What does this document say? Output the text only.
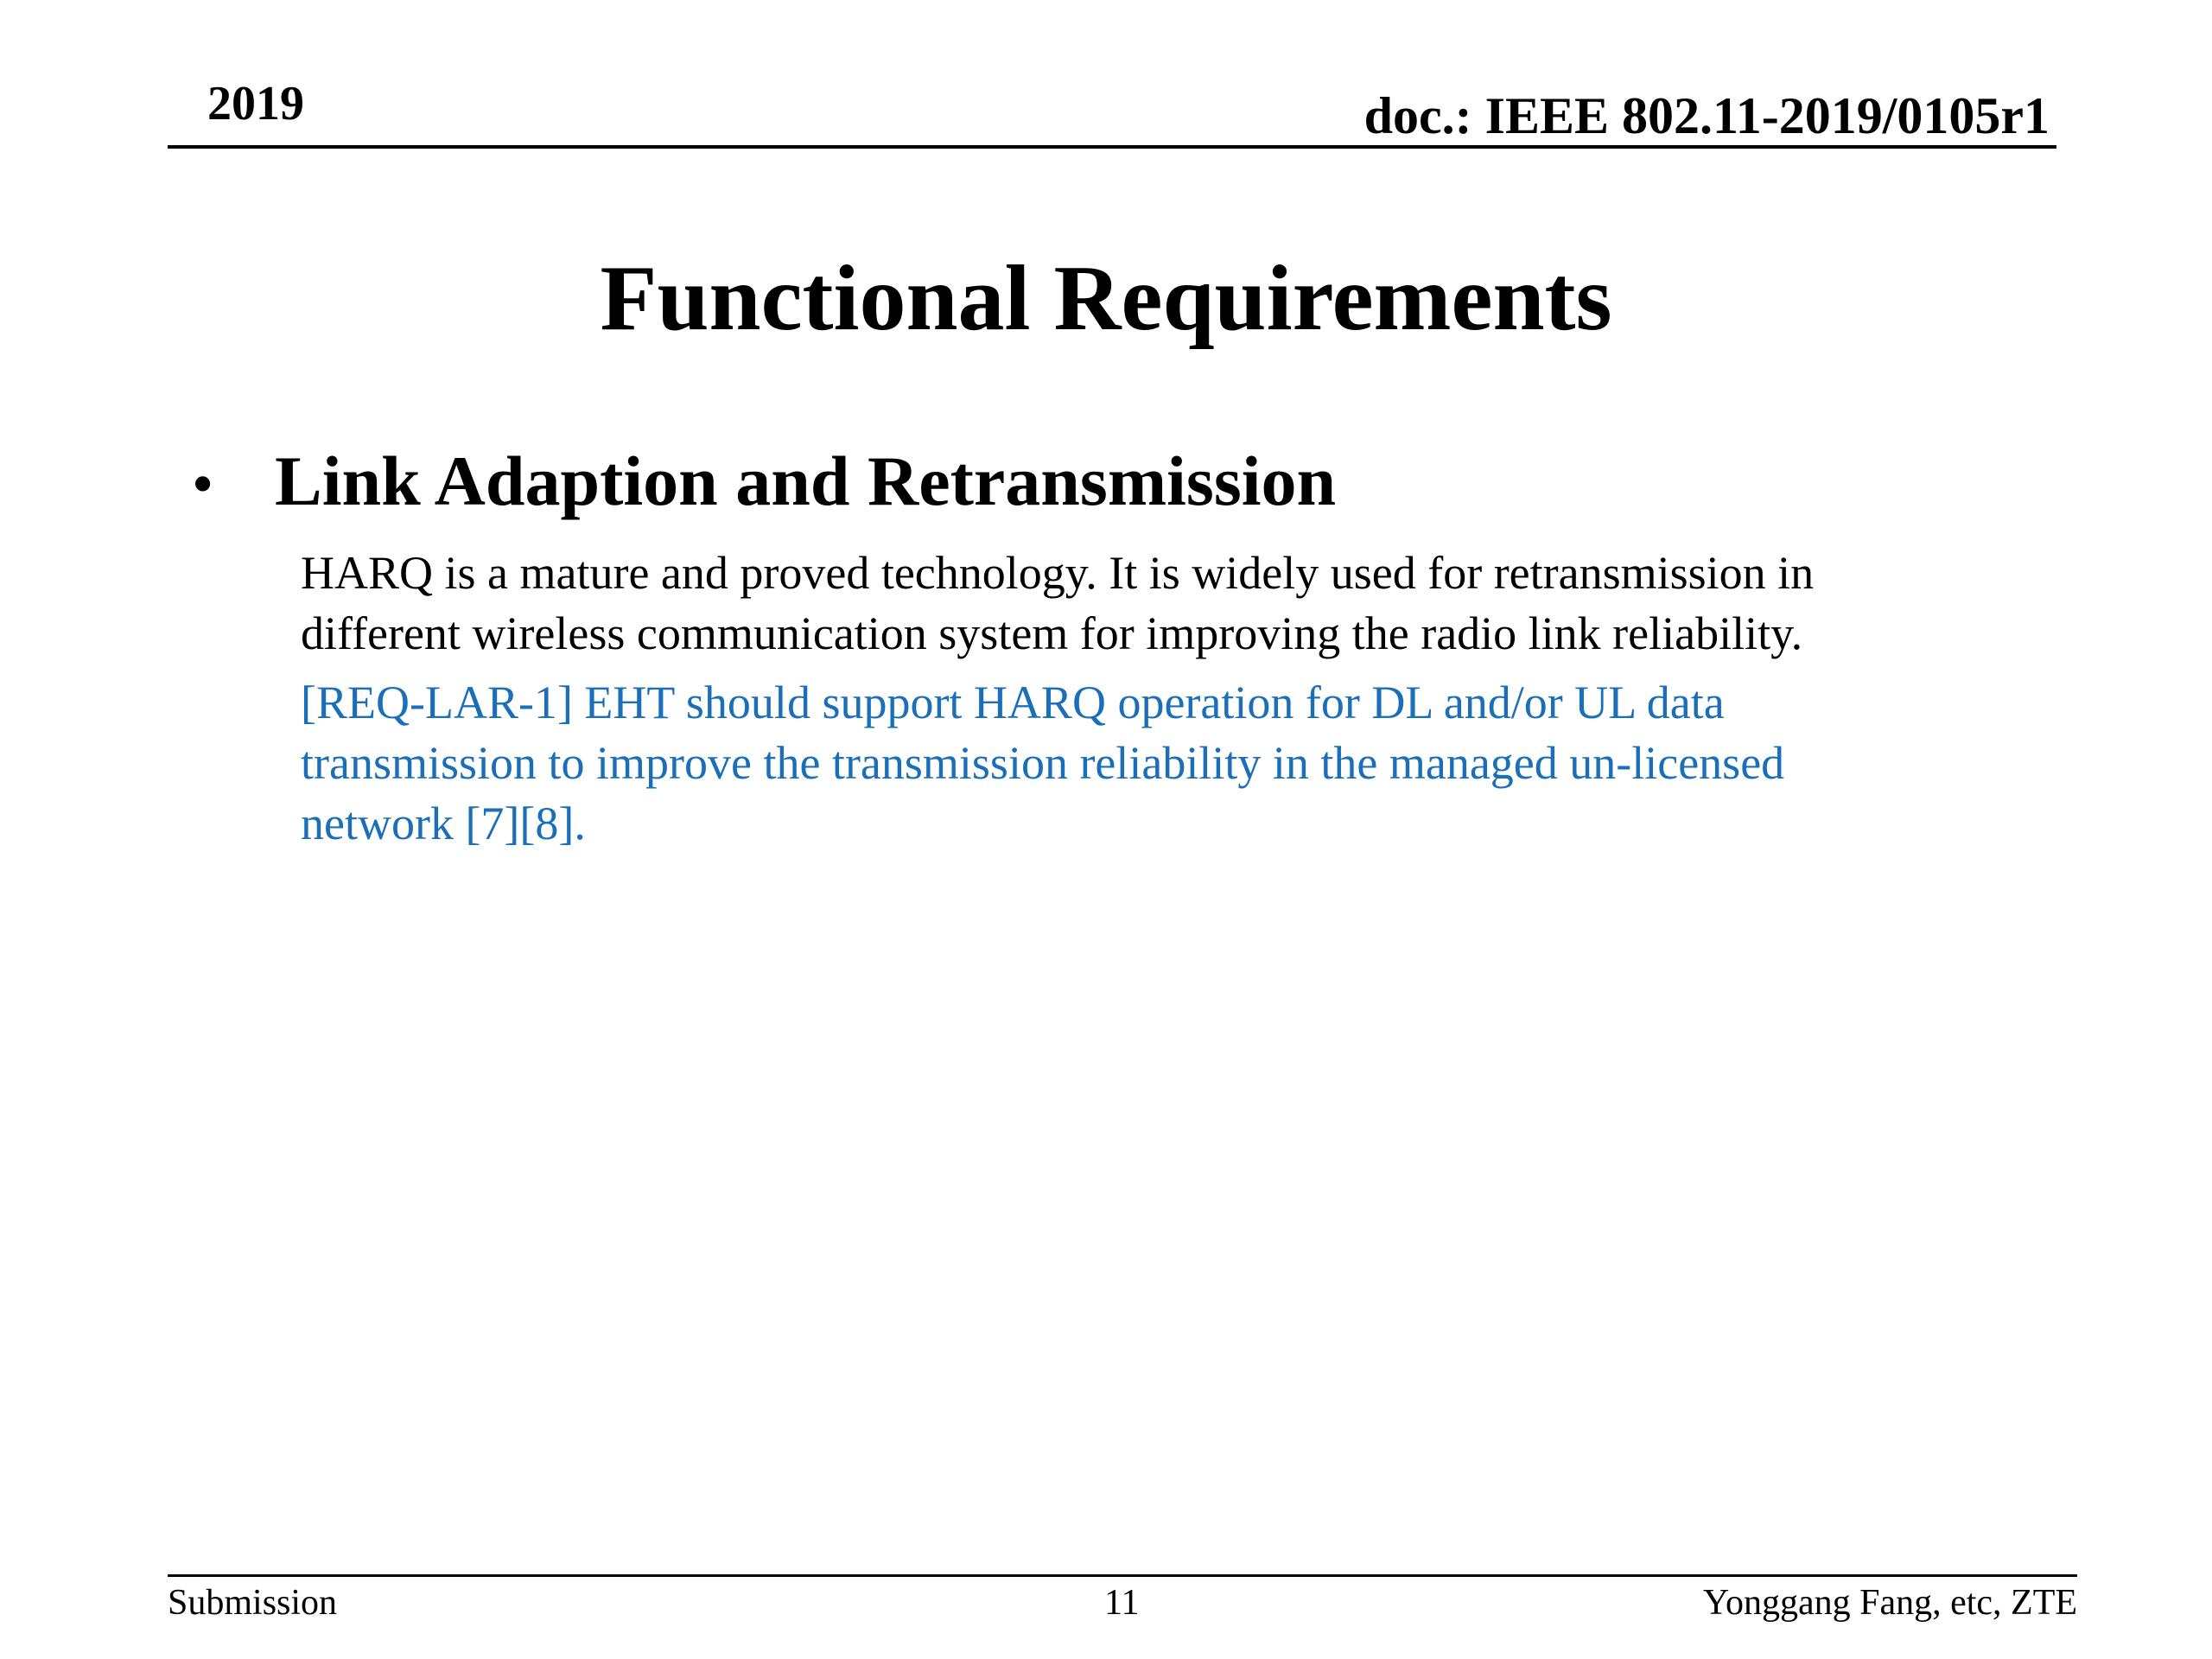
2019	doc.: IEEE 802.11-2019/0105r1
Functional Requirements
• Link Adaption and Retransmission
HARQ is a mature and proved technology. It is widely used for retransmission in
different wireless communication system for improving the radio link reliability.
[REQ-LAR-1] EHT should support HARQ operation for DL and/or UL data
transmission to improve the transmission reliability in the managed un-licensed
network [7][8].
Submission	11	Yonggang Fang, etc, ZTE
